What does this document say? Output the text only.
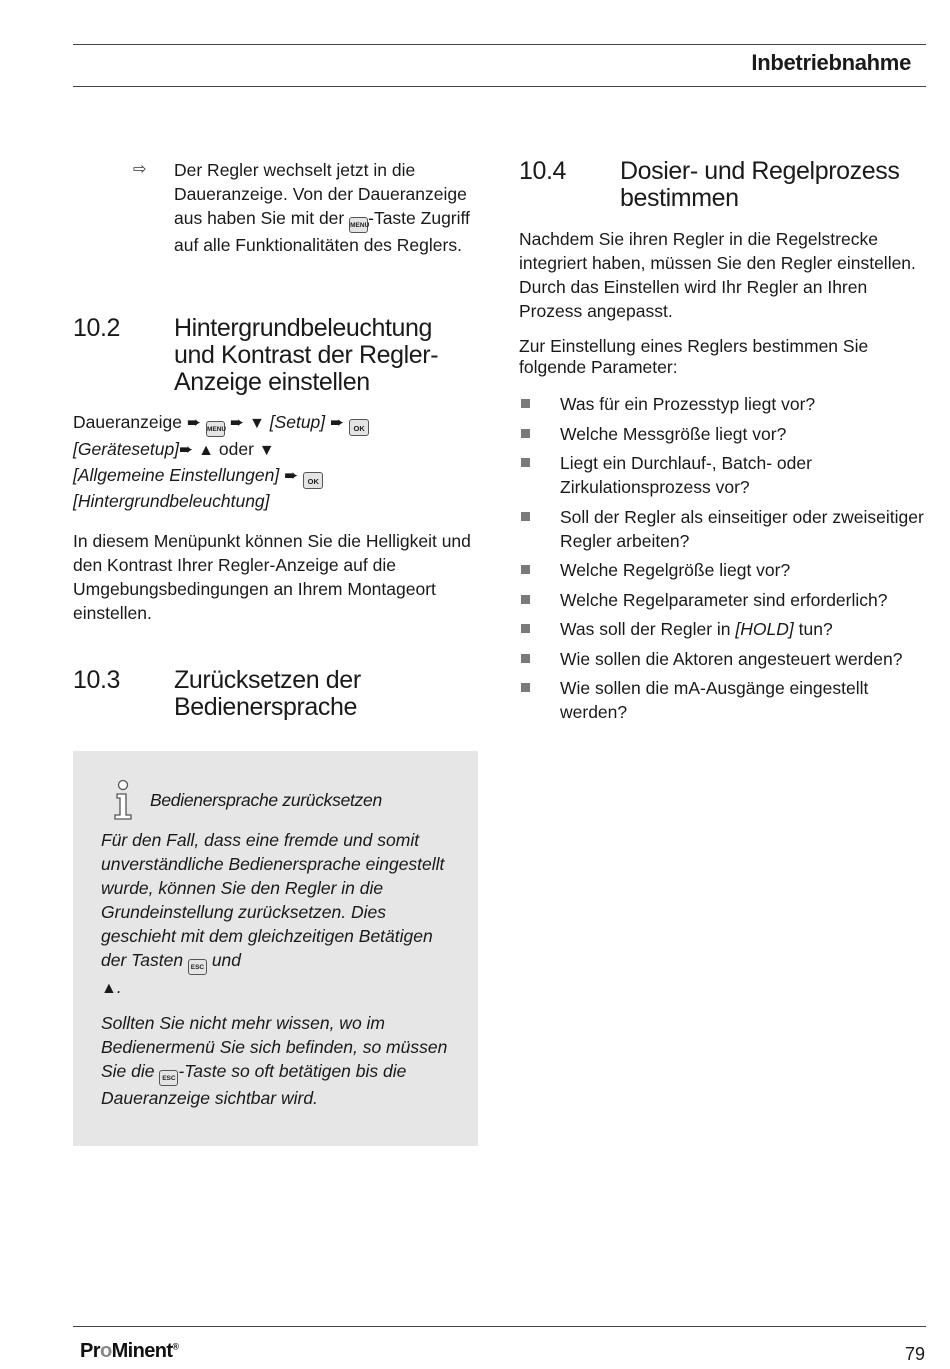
Inbetriebnahme

⇨ Der Regler wechselt jetzt in die Daueranzeige. Von der Daueranzeige aus haben Sie mit der MENU-Taste Zugriff auf alle Funktionalitäten des Reglers.

10.2 Hintergrundbeleuchtung und Kontrast der Regler-Anzeige einstellen

Daueranzeige ➨ MENU ➨ ▼ [Setup] ➨ OK
[Gerätesetup]➨ ▲ oder ▼
[Allgemeine Einstellungen] ➨ OK
[Hintergrundbeleuchtung]

In diesem Menüpunkt können Sie die Helligkeit und den Kontrast Ihrer Regler-Anzeige auf die Umgebungsbedingungen an Ihrem Montageort einstellen.

10.3 Zurücksetzen der Bedienersprache
Bedienersprache zurücksetzen

Für den Fall, dass eine fremde und somit unverständliche Bedienersprache eingestellt wurde, können Sie den Regler in die Grundeinstellung zurücksetzen. Dies geschieht mit dem gleichzeitigen Betätigen der Tasten ESC und
▲.

Sollten Sie nicht mehr wissen, wo im Bedienermenü Sie sich befinden, so müssen Sie die ESC -Taste so oft betätigen bis die Daueranzeige sichtbar wird.

10.4 Dosier- und Regelprozess bestimmen

Nachdem Sie ihren Regler in die Regelstrecke integriert haben, müssen Sie den Regler einstellen. Durch das Einstellen wird Ihr Regler an Ihren Prozess angepasst.

Zur Einstellung eines Reglers bestimmen Sie folgende Parameter:

Was für ein Prozesstyp liegt vor?
Welche Messgröße liegt vor?
Liegt ein Durchlauf-, Batch- oder Zirkulationsprozess vor?
Soll der Regler als einseitiger oder zweiseitiger Regler arbeiten?
Welche Regelgröße liegt vor?
Welche Regelparameter sind erforderlich?
Was soll der Regler in [HOLD] tun?
Wie sollen die Aktoren angesteuert werden?
Wie sollen die mA-Ausgänge eingestellt werden?
ProMinent®	79
